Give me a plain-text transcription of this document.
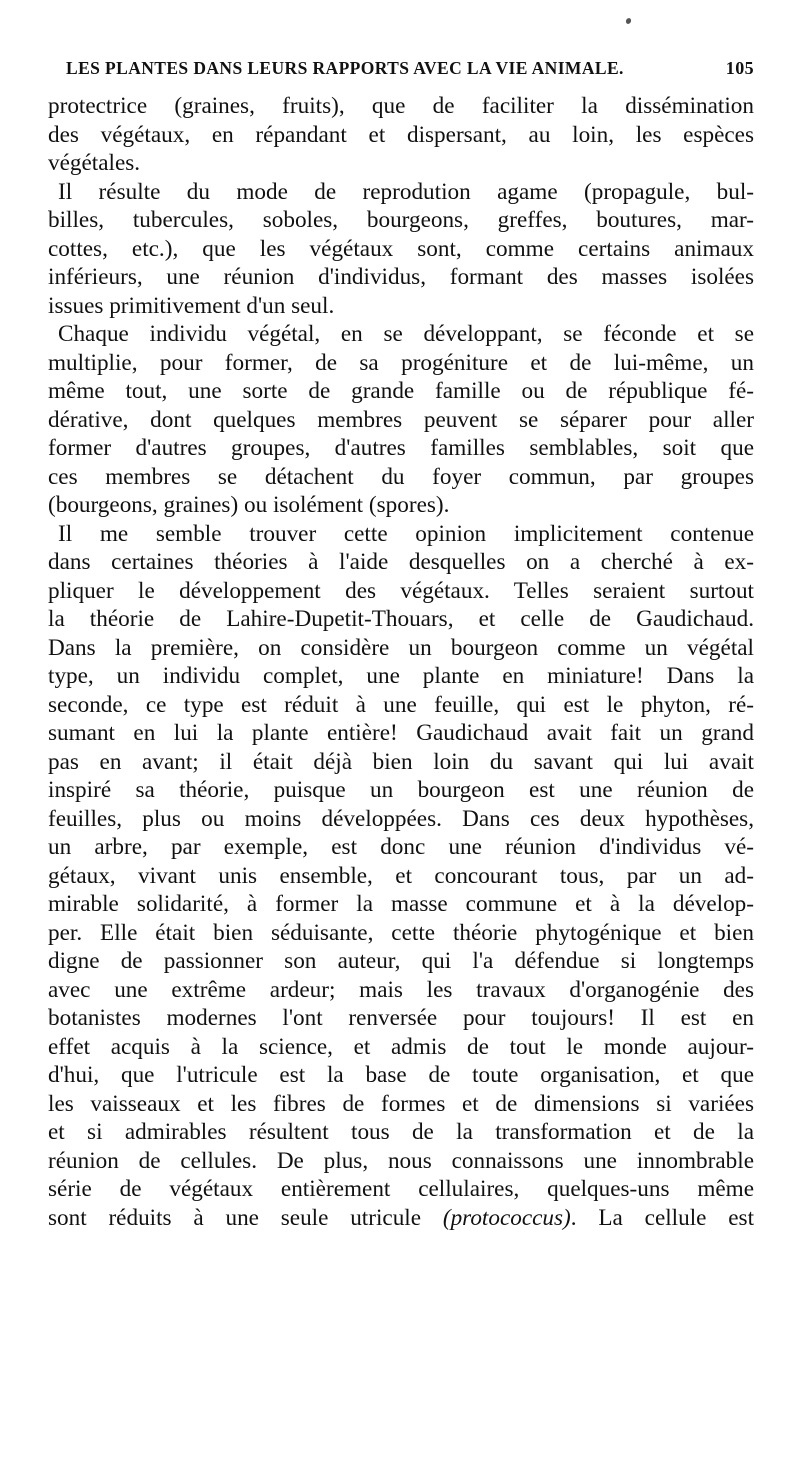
LES PLANTES DANS LEURS RAPPORTS AVEC LA VIE ANIMALE.	105
protectrice (graines, fruits), que de faciliter la dissémination
des végétaux, en répandant et dispersant, au loin, les espèces
végétales.
Il résulte du mode de reprodution agame (propagule, bul-
billes, tubercules, soboles, bourgeons, greffes, boutures, mar-
cottes, etc.), que les végétaux sont, comme certains animaux
inférieurs, une réunion d'individus, formant des masses isolées
issues primitivement d'un seul.
Chaque individu végétal, en se développant, se féconde et se
multiplie, pour former, de sa progéniture et de lui-même, un
même tout, une sorte de grande famille ou de république fé-
dérative, dont quelques membres peuvent se séparer pour aller
former d'autres groupes, d'autres familles semblables, soit que
ces membres se détachent du foyer commun, par groupes
(bourgeons, graines) ou isolément (spores).
Il me semble trouver cette opinion implicitement contenue
dans certaines théories à l'aide desquelles on a cherché à ex-
pliquer le développement des végétaux. Telles seraient surtout
la théorie de Lahire-Dupetit-Thouars, et celle de Gaudichaud.
Dans la première, on considère un bourgeon comme un végétal
type, un individu complet, une plante en miniature! Dans la
seconde, ce type est réduit à une feuille, qui est le phyton, ré-
sumant en lui la plante entière! Gaudichaud avait fait un grand
pas en avant; il était déjà bien loin du savant qui lui avait
inspiré sa théorie, puisque un bourgeon est une réunion de
feuilles, plus ou moins développées. Dans ces deux hypothèses,
un arbre, par exemple, est donc une réunion d'individus vé-
gétaux, vivant unis ensemble, et concourant tous, par un ad-
mirable solidarité, à former la masse commune et à la dévelop-
per. Elle était bien séduisante, cette théorie phytogénique et bien
digne de passionner son auteur, qui l'a défendue si longtemps
avec une extrême ardeur; mais les travaux d'organogénie des
botanistes modernes l'ont renversée pour toujours! Il est en
effet acquis à la science, et admis de tout le monde aujour-
d'hui, que l'utricule est la base de toute organisation, et que
les vaisseaux et les fibres de formes et de dimensions si variées
et si admirables résultent tous de la transformation et de la
réunion de cellules. De plus, nous connaissons une innombrable
série de végétaux entièrement cellulaires, quelques-uns même
sont réduits à une seule utricule (protococcus). La cellule est
